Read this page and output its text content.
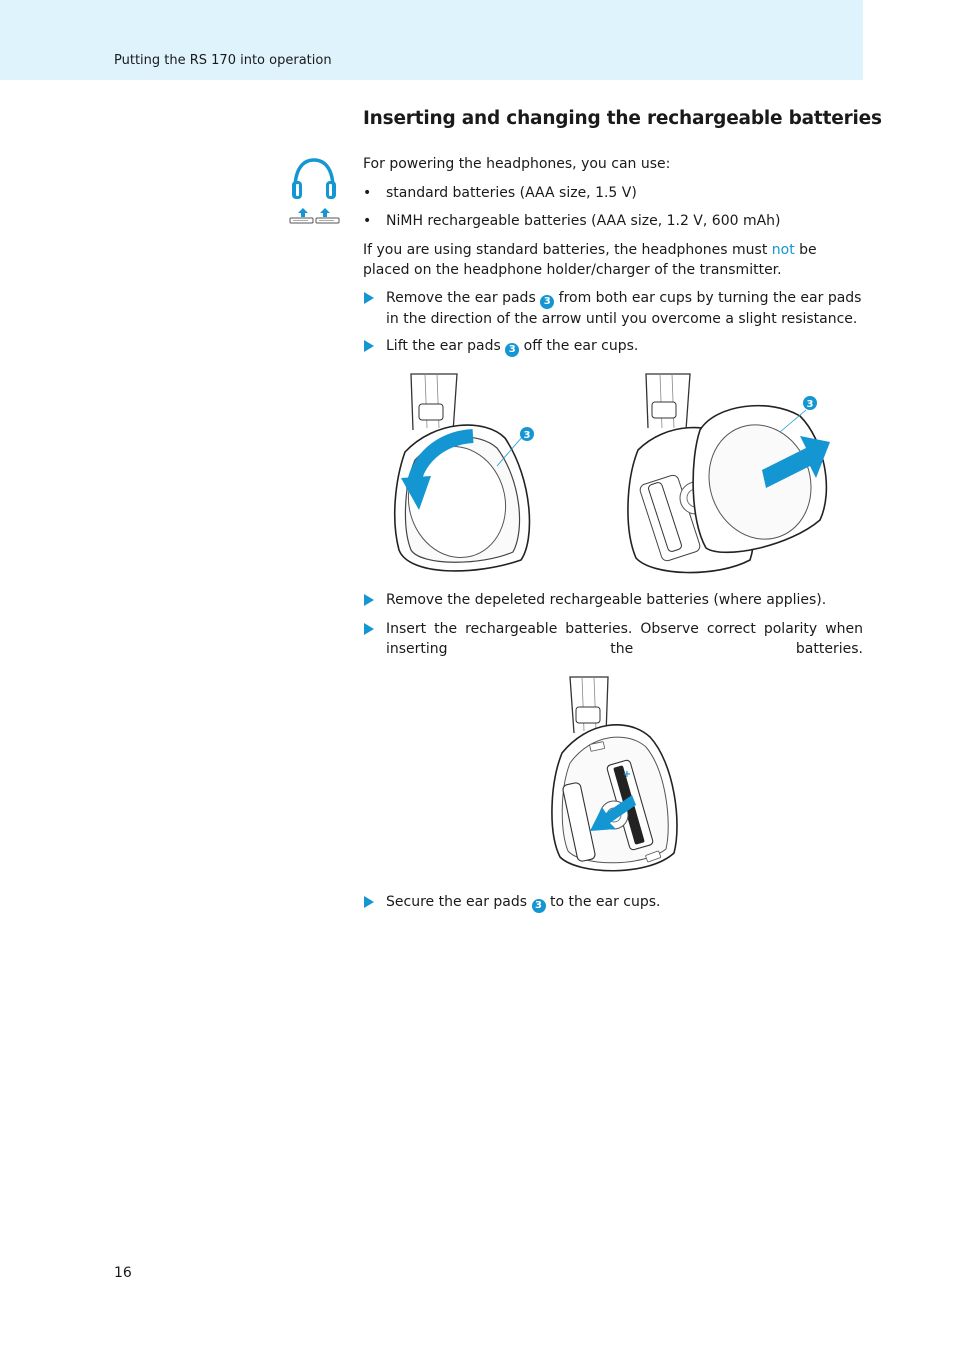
Putting the RS 170 into operation
Inserting and changing the rechargeable batteries
For powering the headphones, you can use:
• standard batteries (AAA size, 1.5 V)
• NiMH rechargeable batteries (AAA size, 1.2 V, 600 mAh)
If you are using standard batteries, the headphones must not be placed on the headphone holder/charger of the transmitter.
Remove the ear pads 3 from both ear cups by turning the ear pads in the direction of the arrow until you overcome a slight resistance.
Lift the ear pads 3 off the ear cups.
3
3
Remove the depeleted rechargeable batteries (where applies).
Insert the rechargeable batteries. Observe correct polarity when inserting the batteries.
+
Secure the ear pads 3 to the ear cups.
16
